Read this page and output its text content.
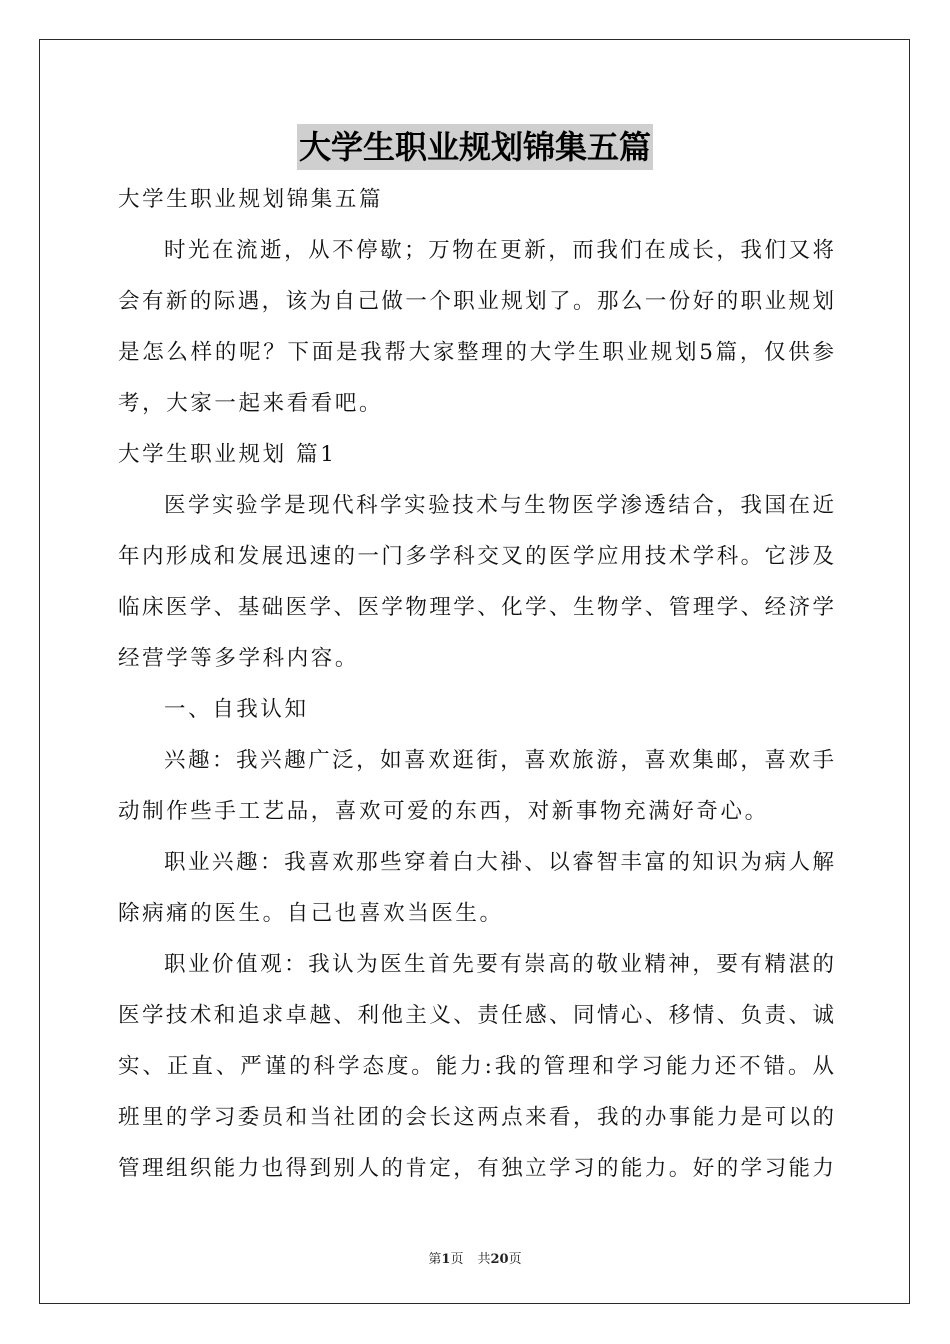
大学生职业规划锦集五篇
大学生职业规划锦集五篇
时光在流逝，从不停歇；万物在更新，而我们在成长，我们又将
会有新的际遇，该为自己做一个职业规划了。那么一份好的职业规划
是怎么样的呢？下面是我帮大家整理的大学生职业规划5篇，仅供参
考，大家一起来看看吧。
大学生职业规划 篇1
医学实验学是现代科学实验技术与生物医学渗透结合，我国在近
年内形成和发展迅速的一门多学科交叉的医学应用技术学科。它涉及
临床医学、基础医学、医学物理学、化学、生物学、管理学、经济学
经营学等多学科内容。
一、自我认知
兴趣：我兴趣广泛，如喜欢逛街，喜欢旅游，喜欢集邮，喜欢手
动制作些手工艺品，喜欢可爱的东西，对新事物充满好奇心。
职业兴趣：我喜欢那些穿着白大褂、以睿智丰富的知识为病人解
除病痛的医生。自己也喜欢当医生。
职业价值观：我认为医生首先要有崇高的敬业精神，要有精湛的
医学技术和追求卓越、利他主义、责任感、同情心、移情、负责、诚
实、正直、严谨的科学态度。能力:我的管理和学习能力还不错。从
班里的学习委员和当社团的会长这两点来看，我的办事能力是可以的
管理组织能力也得到别人的肯定，有独立学习的能力。好的学习能力
第1页 共20页
